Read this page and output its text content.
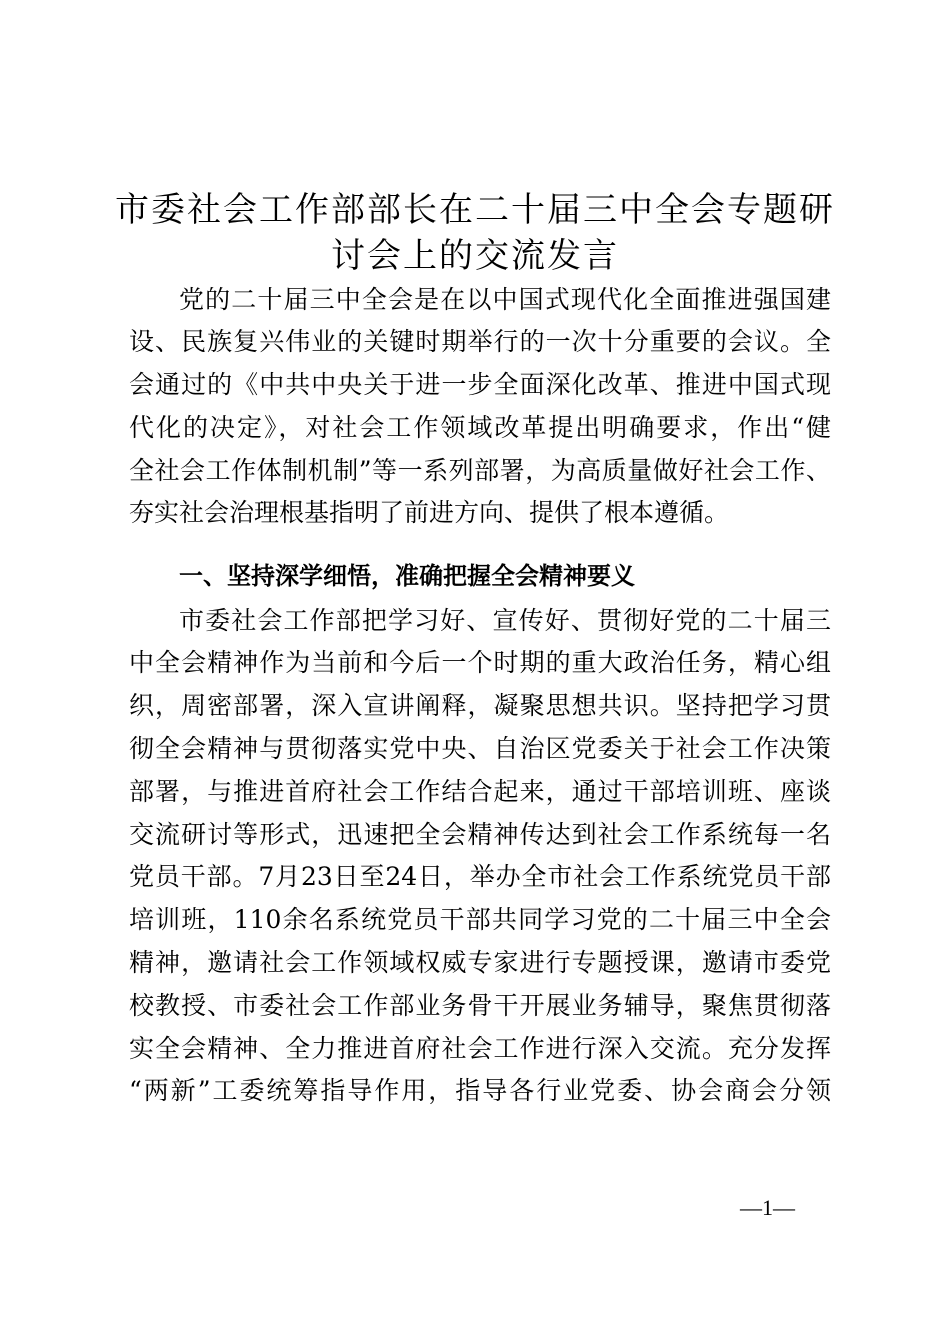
市委社会工作部部长在二十届三中全会专题研
讨会上的交流发言
党的二十届三中全会是在以中国式现代化全面推进强国建
设、民族复兴伟业的关键时期举行的一次十分重要的会议。全
会通过的《中共中央关于进一步全面深化改革、推进中国式现
代化的决定》，对社会工作领域改革提出明确要求，作出“健
全社会工作体制机制”等一系列部署，为高质量做好社会工作、
夯实社会治理根基指明了前进方向、提供了根本遵循。
一、坚持深学细悟，准确把握全会精神要义
市委社会工作部把学习好、宣传好、贯彻好党的二十届三
中全会精神作为当前和今后一个时期的重大政治任务，精心组
织，周密部署，深入宣讲阐释，凝聚思想共识。坚持把学习贯
彻全会精神与贯彻落实党中央、自治区党委关于社会工作决策
部署，与推进首府社会工作结合起来，通过干部培训班、座谈
交流研讨等形式，迅速把全会精神传达到社会工作系统每一名
党员干部。7月23日至24日，举办全市社会工作系统党员干部
培训班，110余名系统党员干部共同学习党的二十届三中全会
精神，邀请社会工作领域权威专家进行专题授课，邀请市委党
校教授、市委社会工作部业务骨干开展业务辅导，聚焦贯彻落
实全会精神、全力推进首府社会工作进行深入交流。充分发挥
“两新”工委统筹指导作用，指导各行业党委、协会商会分领
—1—
